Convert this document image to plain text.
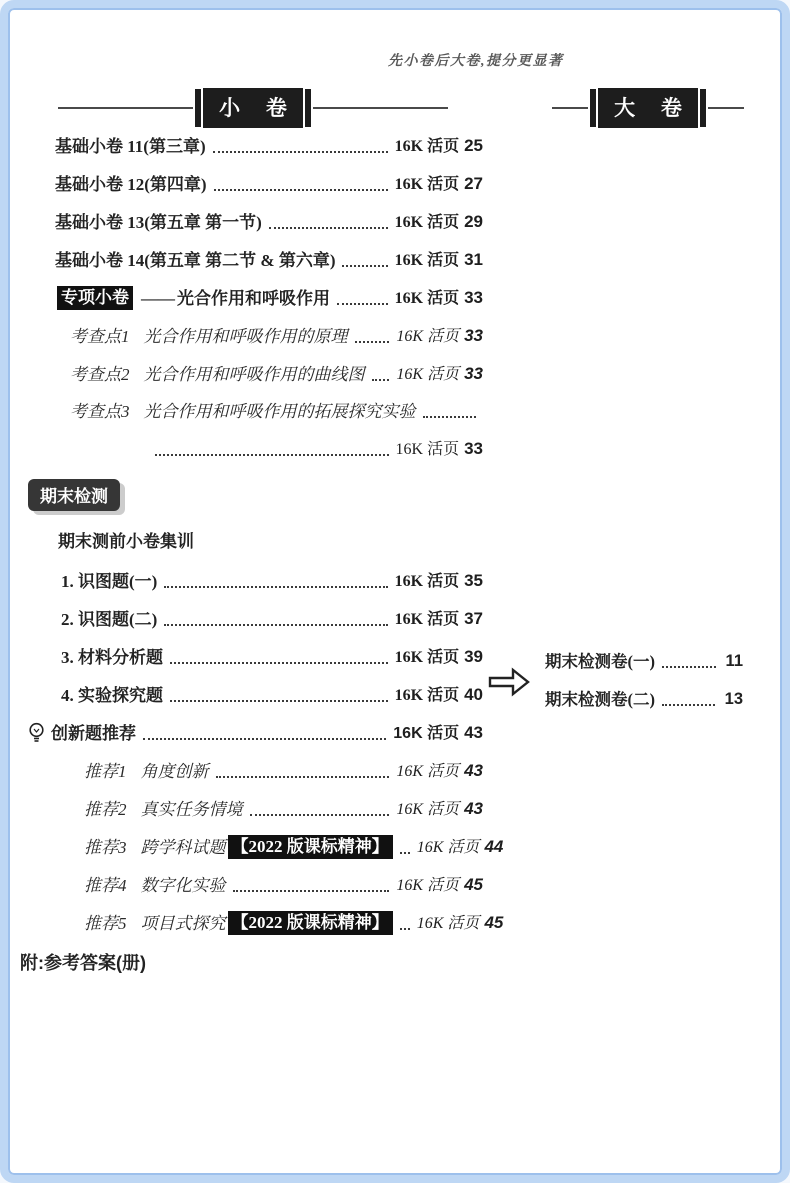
先小卷后大卷,提分更显著
小 卷	大 卷
基础小卷 11(第三章)	16K 活页 25
基础小卷 12(第四章)	16K 活页 27
基础小卷 13(第五章 第一节)	16K 活页 29
基础小卷 14(第五章 第二节 & 第六章)	16K 活页 31
专项小卷 —— 光合作用和呼吸作用	16K 活页 33
考查点1 光合作用和呼吸作用的原理	16K 活页 33
考查点2 光合作用和呼吸作用的曲线图 16K 活页 33
考查点3 光合作用和呼吸作用的拓展探究实验
16K 活页 33
期末检测
期末测前小卷集训
1. 识图题(一)	16K 活页 35
2. 识图题(二)	16K 活页 37
3. 材料分析题	16K 活页 39
4. 实验探究题	16K 活页 40
创新题推荐	16K 活页 43
推荐1 角度创新	16K 活页 43
推荐2 真实任务情境	16K 活页 43
推荐3 跨学科试题 【2022 版课标精神】 16K 活页 44
推荐4 数字化实验	16K 活页 45
推荐5 项目式探究 【2022 版课标精神】 16K 活页 45
附:参考答案(册)
期末检测卷(一)	11
期末检测卷(二)	13
